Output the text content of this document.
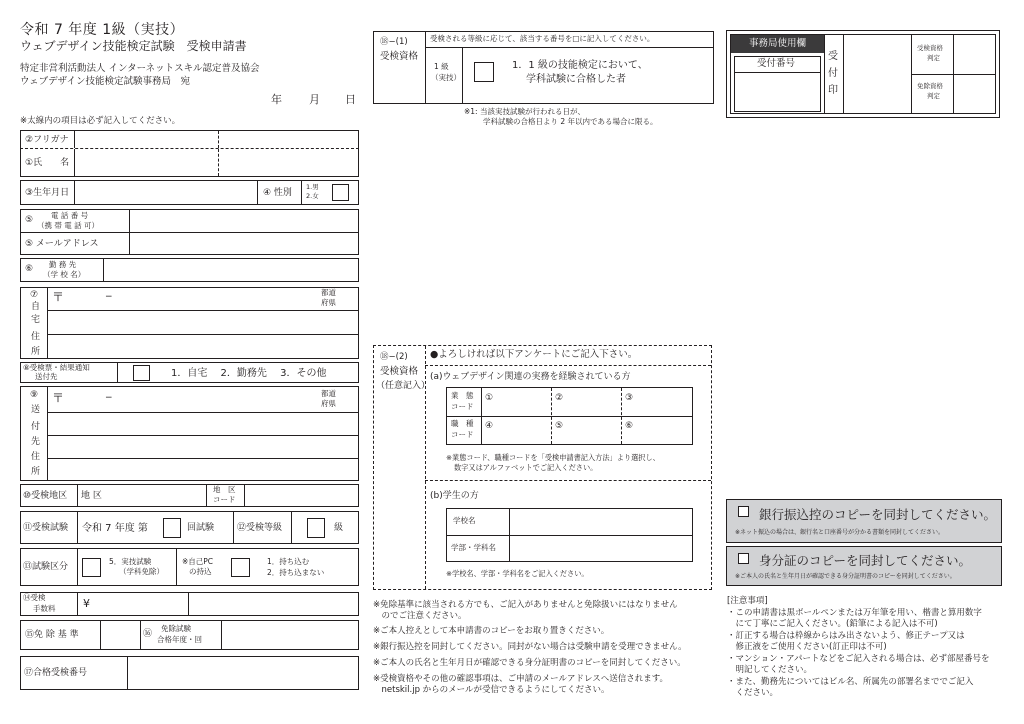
令和 7 年度 1級（実技）
ウェブデザイン技能検定試験　受検申請書
特定非営利活動法人 インターネットスキル認定普及協会
ウェブデザイン技能検定試験事務局　宛
年 月 日
※太線内の項目は必ず記入してください。
②フリガナ
①氏　　名
③生年月日	④ 性別
1.男
2.女
⑤ 電 話 番 号
（携 帯 電 話 可）
⑤ メールアドレス
⑥ 勤 務 先
（学 校 名）
⑦
自
宅
住
所
〒	−	都道
府県
⑧受検票・結果通知
送付先	1．自宅　 2．勤務先　 3．その他
⑨
送
付
先
住
所
〒	−	都道
府県
⑩受検地区 地 区
地　区
コード
⑪受検試験 令和 7 年度 第	回試験	⑫受検等級	級
⑬試験区分
5．実技試験
（学科免除）
※自己PC
の持込
1．持ち込む
2．持ち込まない
⑭受検
手数料	¥
⑮免 除 基 準	⑯
免除試験
合格年度・回
⑰合格受検番号
⑱−(1)
受検資格
受検される等級に応じて、該当する番号を□に記入してください。
1 級
（実技）
1．1 級の技能検定において、
学科試験に合格した者
※1: 当該実技試験が行われる日が、
学科試験の合格日より 2 年以内である場合に限る。
事務局使用欄
受付番号
受
付
印
受検資格
判定
免除資格
判定
⑱−(2)
受検資格
（任意記入）
●よろしければ以下アンケートにご記入下さい。
(a)ウェブデザイン関連の実務を経験されている方
業　態
コード
職　種
コード
①	②	③
④	⑤	⑥
※業態コード、職種コードを「受検申請書記入方法」より選択し、
数字又はアルファベットでご記入ください。
(b)学生の方
学校名
学部・学科名
※学校名、学部・学科名をご記入ください。
銀行振込控のコピーを同封してください。
※ネット振込の場合は、銀行名と口座番号が分かる書類を同封してください。
身分証のコピーを同封してください。
※ご本人の氏名と生年月日が確認できる身分証明書のコピーを同封してください。
※免除基準に該当される方でも、ご記入がありませんと免除扱いにはなりません
　のでご注意ください。
※ご本人控えとして本申請書のコピーをお取り置きください。
※銀行振込控を同封してください。同封がない場合は受験申請を受理できません。
※ご本人の氏名と生年月日が確認できる身分証明書のコピーを同封してください。
※受検資格やその他の確認事項は、ご申請のメールアドレスへ送信されます。
　netskil.jp からのメールが受信できるようにしてください。
[注意事項]
・この申請書は黒ボールペンまたは万年筆を用い、楷書と算用数字
　にて丁寧にご記入ください。(鉛筆による記入は不可)
・訂正する場合は枠線からはみ出さないよう、修正テープ又は
　修正液をご使用ください(訂正印は不可)
・マンション・アパートなどをご記入される場合は、必ず部屋番号を
　明記してください。
・また、勤務先についてはビル名、所属先の部署名まででご記入
　ください。
